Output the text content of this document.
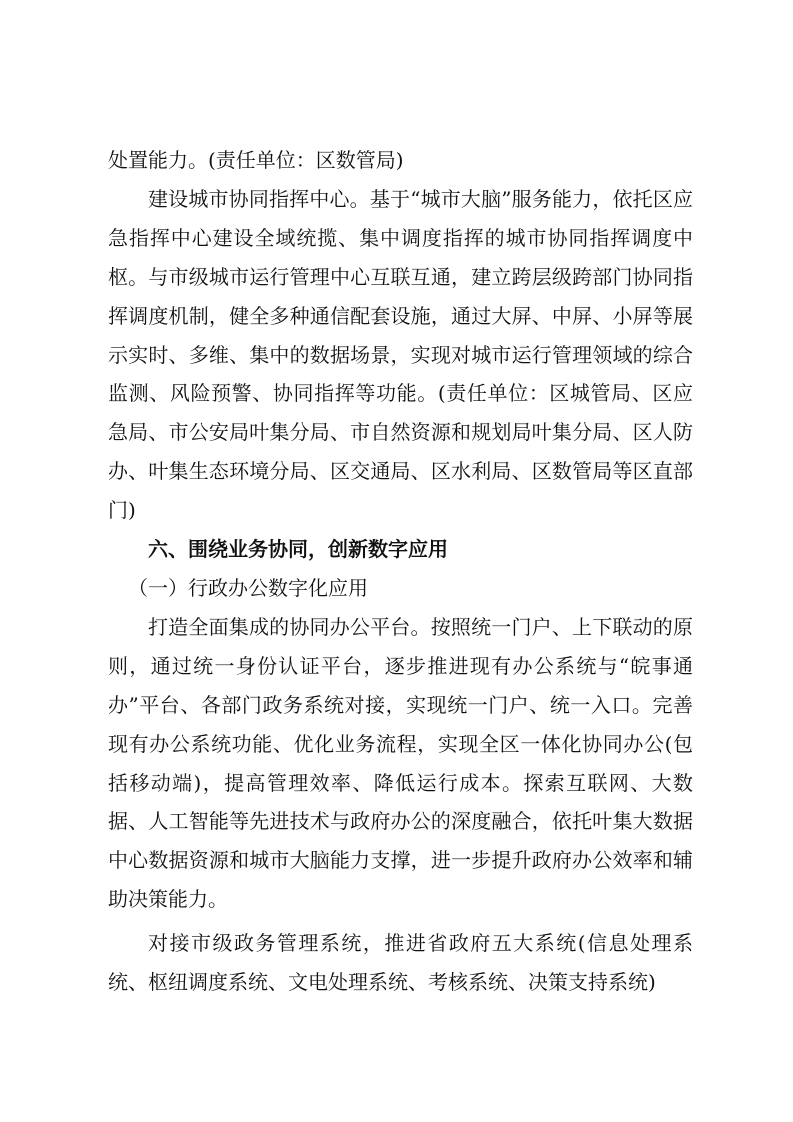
处置能力。(责任单位：区数管局)

建设城市协同指挥中心。基于“城市大脑”服务能力，依托区应急指挥中心建设全域统揽、集中调度指挥的城市协同指挥调度中枢。与市级城市运行管理中心互联互通，建立跨层级跨部门协同指挥调度机制，健全多种通信配套设施，通过大屏、中屏、小屏等展示实时、多维、集中的数据场景，实现对城市运行管理领域的综合监测、风险预警、协同指挥等功能。(责任单位：区城管局、区应急局、市公安局叶集分局、市自然资源和规划局叶集分局、区人防办、叶集生态环境分局、区交通局、区水利局、区数管局等区直部门)

六、围绕业务协同，创新数字应用

（一）行政办公数字化应用

打造全面集成的协同办公平台。按照统一门户、上下联动的原则，通过统一身份认证平台，逐步推进现有办公系统与“皖事通办”平台、各部门政务系统对接，实现统一门户、统一入口。完善现有办公系统功能、优化业务流程，实现全区一体化协同办公(包括移动端)，提高管理效率、降低运行成本。探索互联网、大数据、人工智能等先进技术与政府办公的深度融合，依托叶集大数据中心数据资源和城市大脑能力支撑，进一步提升政府办公效率和辅助决策能力。

对接市级政务管理系统，推进省政府五大系统(信息处理系统、枢纽调度系统、文电处理系统、考核系统、决策支持系统)
